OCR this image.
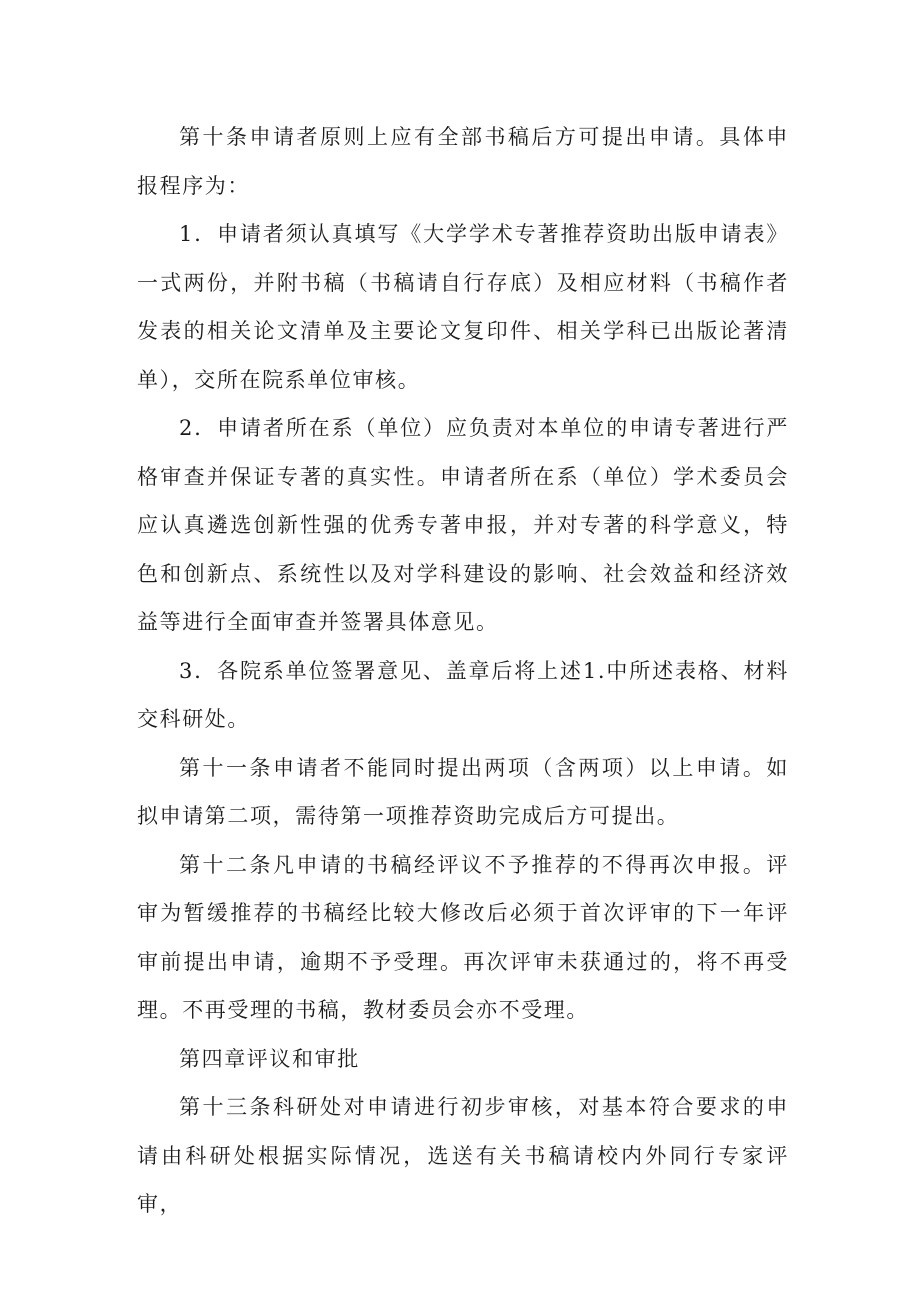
第十条申请者原则上应有全部书稿后方可提出申请。具体申报程序为：

1．申请者须认真填写《大学学术专著推荐资助出版申请表》一式两份，并附书稿（书稿请自行存底）及相应材料（书稿作者发表的相关论文清单及主要论文复印件、相关学科已出版论著清单），交所在院系单位审核。

2．申请者所在系（单位）应负责对本单位的申请专著进行严格审查并保证专著的真实性。申请者所在系（单位）学术委员会应认真遴选创新性强的优秀专著申报，并对专著的科学意义，特色和创新点、系统性以及对学科建设的影响、社会效益和经济效益等进行全面审查并签署具体意见。

3．各院系单位签署意见、盖章后将上述1.中所述表格、材料交科研处。

第十一条申请者不能同时提出两项（含两项）以上申请。如拟申请第二项，需待第一项推荐资助完成后方可提出。

第十二条凡申请的书稿经评议不予推荐的不得再次申报。评审为暂缓推荐的书稿经比较大修改后必须于首次评审的下一年评审前提出申请，逾期不予受理。再次评审未获通过的，将不再受理。不再受理的书稿，教材委员会亦不受理。

第四章评议和审批

第十三条科研处对申请进行初步审核，对基本符合要求的申请由科研处根据实际情况，选送有关书稿请校内外同行专家评审，
